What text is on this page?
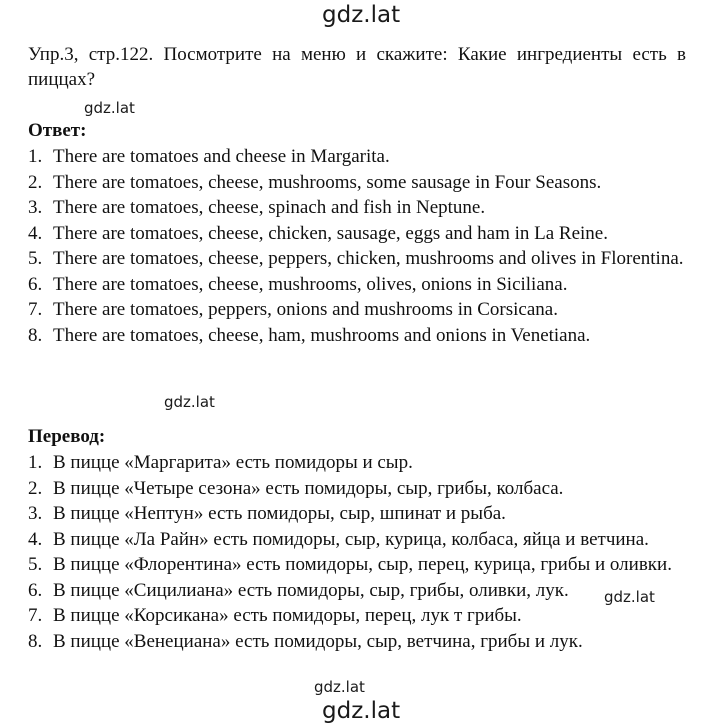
gdz.lat
Упр.3, стр.122. Посмотрите на меню и скажите: Какие ингредиенты есть в пиццах?
gdz.lat
Ответ:
1. There are tomatoes and cheese in Margarita.
2. There are tomatoes, cheese, mushrooms, some sausage in Four Seasons.
3. There are tomatoes, cheese, spinach and fish in Neptune.
4. There are tomatoes, cheese, chicken, sausage, eggs and ham in La Reine.
5. There are tomatoes, cheese, peppers, chicken, mushrooms and olives in Florentina.
6. There are tomatoes, cheese, mushrooms, olives, onions in Siciliana.
7. There are tomatoes, peppers, onions and mushrooms in Corsicana.
8. There are tomatoes, cheese, ham, mushrooms and onions in Venetiana.
gdz.lat
Перевод:
1. В пицце «Маргарита» есть помидоры и сыр.
2. В пицце «Четыре сезона» есть помидоры, сыр, грибы, колбаса.
3. В пицце «Нептун» есть помидоры, сыр, шпинат и рыба.
4. В пицце «Ла Райн» есть помидоры, сыр, курица, колбаса, яйца и ветчина.
5. В пицце «Флорентина» есть помидоры, сыр, перец, курица, грибы и оливки.
6. В пицце «Сицилиана» есть помидоры, сыр, грибы, оливки, лук.
7. В пицце «Корсикана» есть помидоры, перец, лук т грибы.
8. В пицце «Венециана» есть помидоры, сыр, ветчина, грибы и лук.
gdz.lat
gdz.lat
gdz.lat
